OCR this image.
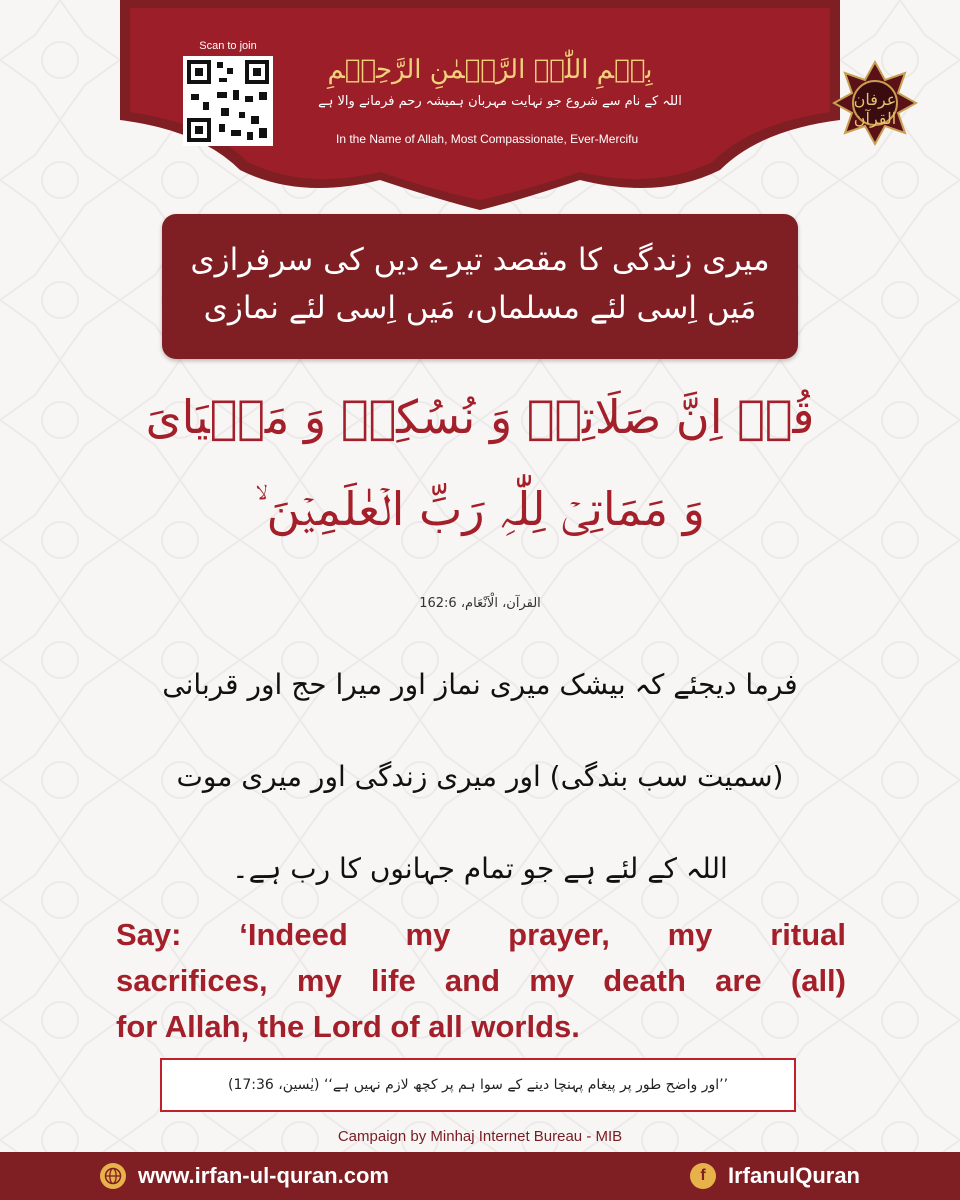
Scan to join
بِسۡمِ اللّٰہِ الرَّحۡمٰنِ الرَّحِیۡمِ
اللہ کے نام سے شروع جو نہایت مہربان ہمیشہ رحم فرمانے والا ہے
In the Name of Allah, Most Compassionate, Ever-Mercifu
عرفان القرآن
میری زندگی کا مقصد تیرے دیں کی سرفرازی
مَیں اِسی لئے مسلماں، مَیں اِسی لئے نمازی
قُلۡ اِنَّ صَلَاتِیۡ وَ نُسُکِیۡ وَ مَحۡیَایَ
وَ مَمَاتِیۡ لِلّٰہِ رَبِّ الۡعٰلَمِیۡنَ ۙ
القرآن، الْاَنْعَام، 162:6
فرما دیجئے کہ بیشک میری نماز اور میرا حج اور قربانی
(سمیت سب بندگی) اور میری زندگی اور میری موت
اللہ کے لئے ہے جو تمام جہانوں کا رب ہے۔
Say: ‘Indeed my prayer, my ritual
sacrifices, my life and my death are (all)
for Allah, the Lord of all worlds.
’’اور واضح طور پر پیغام پہنچا دینے کے سوا ہم پر کچھ لازم نہیں ہے‘‘ (یٰسین، 17:36)
Campaign by Minhaj Internet Bureau - MIB
www.irfan-ul-quran.com	f	IrfanulQuran
